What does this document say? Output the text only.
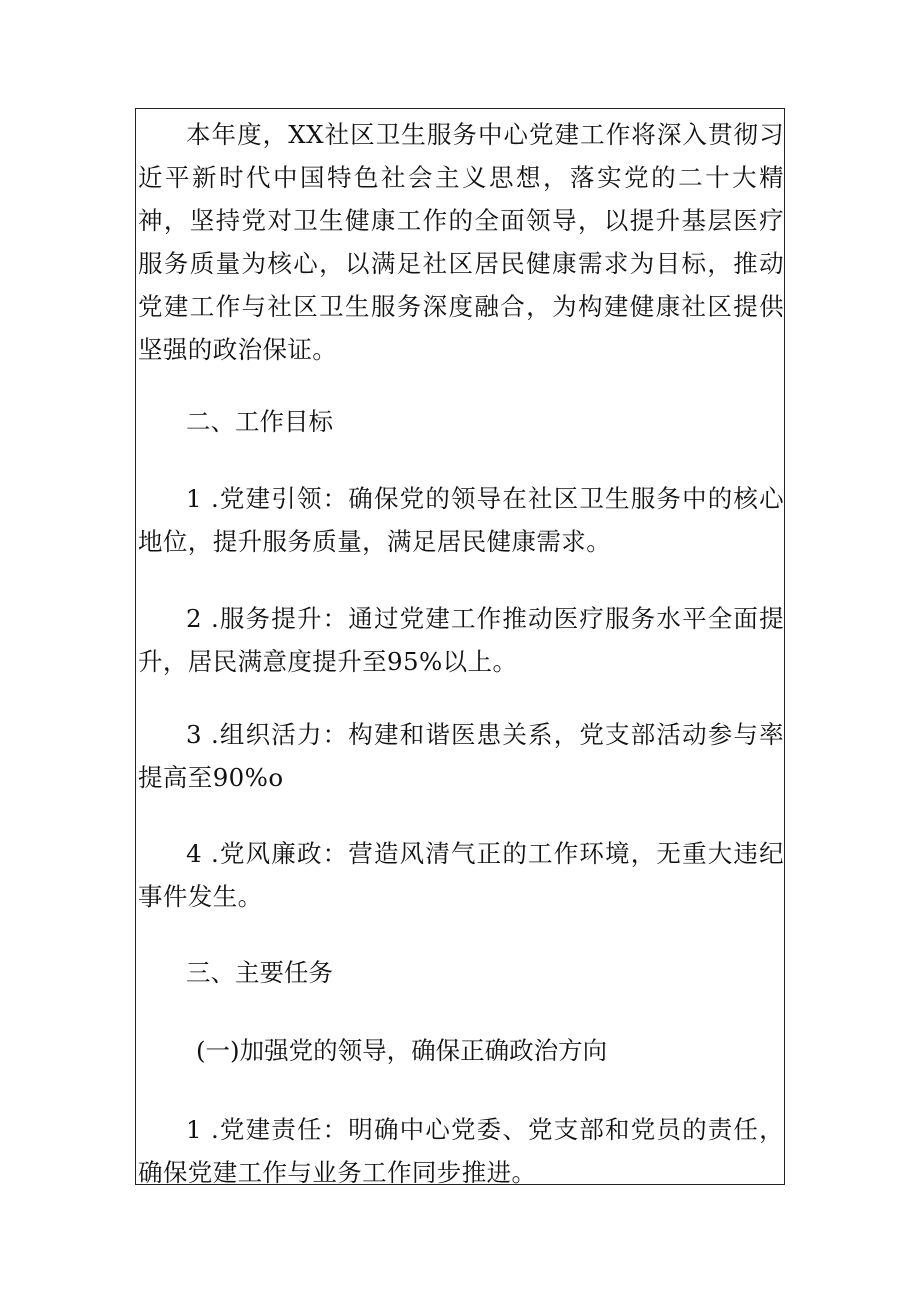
本年度，XX社区卫生服务中心党建工作将深入贯彻习近平新时代中国特色社会主义思想，落实党的二十大精神，坚持党对卫生健康工作的全面领导，以提升基层医疗服务质量为核心，以满足社区居民健康需求为目标，推动党建工作与社区卫生服务深度融合，为构建健康社区提供坚强的政治保证。

二、工作目标

1 .党建引领：确保党的领导在社区卫生服务中的核心地位，提升服务质量，满足居民健康需求。

2 .服务提升：通过党建工作推动医疗服务水平全面提升，居民满意度提升至95%以上。

3 .组织活力：构建和谐医患关系，党支部活动参与率提高至90%o

4 .党风廉政：营造风清气正的工作环境，无重大违纪事件发生。

三、主要任务

(一)加强党的领导，确保正确政治方向

1 .党建责任：明确中心党委、党支部和党员的责任，确保党建工作与业务工作同步推进。
